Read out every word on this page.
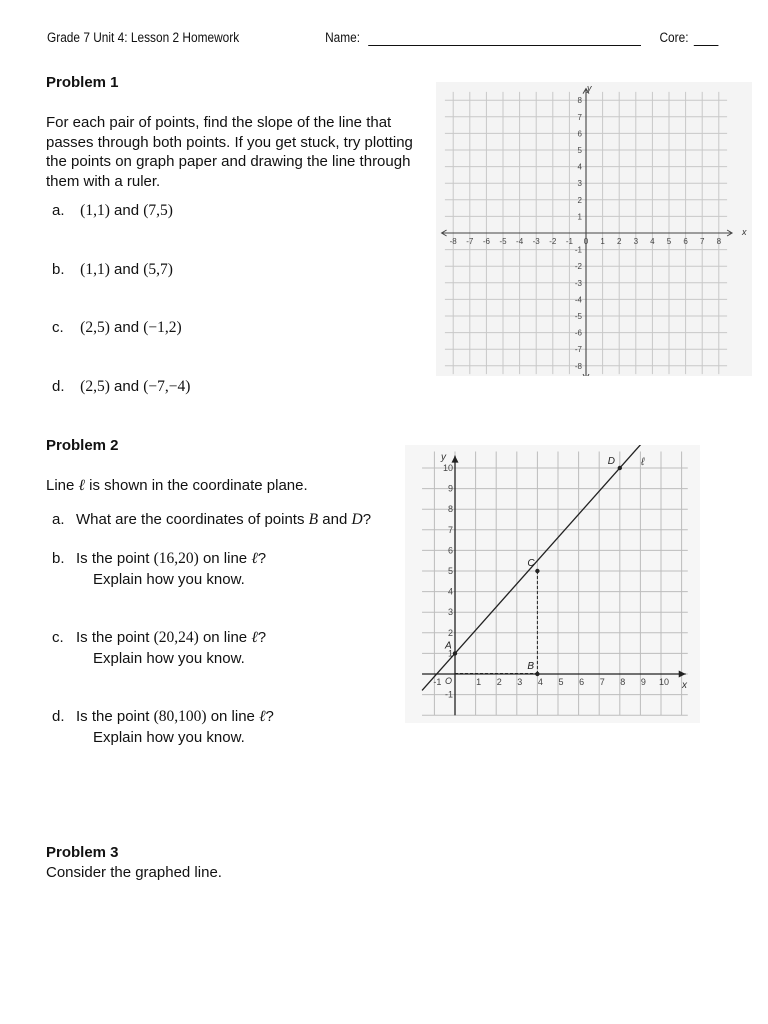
Grade 7 Unit 4: Lesson 2 Homework	Name:	Core:
Problem 1
For each pair of points, find the slope of the line that passes through both points. If you get stuck, try plotting the points on graph paper and drawing the line through them with a ruler.
a. (1,1) and (7,5)
b. (1,1) and (5,7)
c. (2,5) and (−1,2)
d. (2,5) and (−7,−4)
-8 -7 -6 -5 -4 -3 -2 -1 0 1 2 3 4 5 6 7 8
8
7
6
5
4
3
2
1
-1
-2
-3
-4
-5
-6
-7
-8
x
y
Problem 2
Line ℓ is shown in the coordinate plane.
a. What are the coordinates of points B and D?
b. Is the point (16,20) on line ℓ?
Explain how you know.
c. Is the point (20,24) on line ℓ?
Explain how you know.
d. Is the point (80,100) on line ℓ?
Explain how you know.
-1	1 2 3 4 5 6 7 8 9 10
10
9
8
7
6
5
4
3
2
1
-1
A
B
C
D
O	x
y	ℓ
Problem 3
Consider the graphed line.
